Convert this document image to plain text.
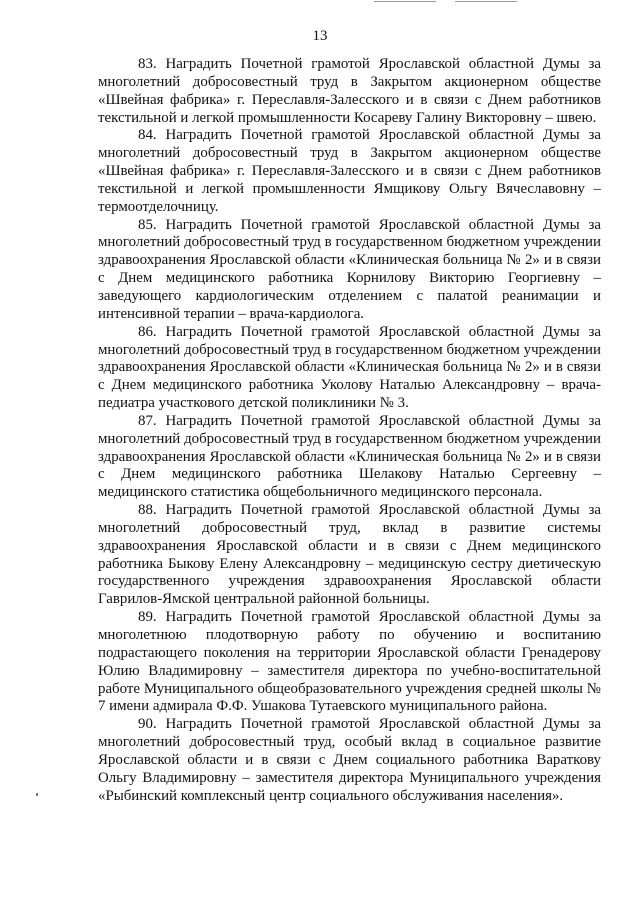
13

83. Наградить Почетной грамотой Ярославской областной Думы за многолетний добросовестный труд в Закрытом акционерном обществе «Швейная фабрика» г. Переславля-Залесского и в связи с Днем работников текстильной и легкой промышленности Косареву Галину Викторовну – швею.

84. Наградить Почетной грамотой Ярославской областной Думы за многолетний добросовестный труд в Закрытом акционерном обществе «Швейная фабрика» г. Переславля-Залесского и в связи с Днем работников текстильной и легкой промышленности Ямщикову Ольгу Вячеславовну – термоотделочницу.

85. Наградить Почетной грамотой Ярославской областной Думы за многолетний добросовестный труд в государственном бюджетном учреждении здравоохранения Ярославской области «Клиническая больница № 2» и в связи с Днем медицинского работника Корнилову Викторию Георгиевну – заведующего кардиологическим отделением с палатой реанимации и интенсивной терапии – врача-кардиолога.

86. Наградить Почетной грамотой Ярославской областной Думы за многолетний добросовестный труд в государственном бюджетном учреждении здравоохранения Ярославской области «Клиническая больница № 2» и в связи с Днем медицинского работника Уколову Наталью Александровну – врача-педиатра участкового детской поликлиники № 3.

87. Наградить Почетной грамотой Ярославской областной Думы за многолетний добросовестный труд в государственном бюджетном учреждении здравоохранения Ярославской области «Клиническая больница № 2» и в связи с Днем медицинского работника Шелакову Наталью Сергеевну – медицинского статистика общебольничного медицинского персонала.

88. Наградить Почетной грамотой Ярославской областной Думы за многолетний добросовестный труд, вклад в развитие системы здравоохранения Ярославской области и в связи с Днем медицинского работника Быкову Елену Александровну – медицинскую сестру диетическую государственного учреждения здравоохранения Ярославской области Гаврилов-Ямской центральной районной больницы.

89. Наградить Почетной грамотой Ярославской областной Думы за многолетнюю плодотворную работу по обучению и воспитанию подрастающего поколения на территории Ярославской области Гренадерову Юлию Владимировну – заместителя директора по учебно-воспитательной работе Муниципального общеобразовательного учреждения средней школы № 7 имени адмирала Ф.Ф. Ушакова Тутаевского муниципального района.

90. Наградить Почетной грамотой Ярославской областной Думы за многолетний добросовестный труд, особый вклад в социальное развитие Ярославской области и в связи с Днем социального работника Вараткову Ольгу Владимировну – заместителя директора Муниципального учреждения «Рыбинский комплексный центр социального обслуживания населения».
